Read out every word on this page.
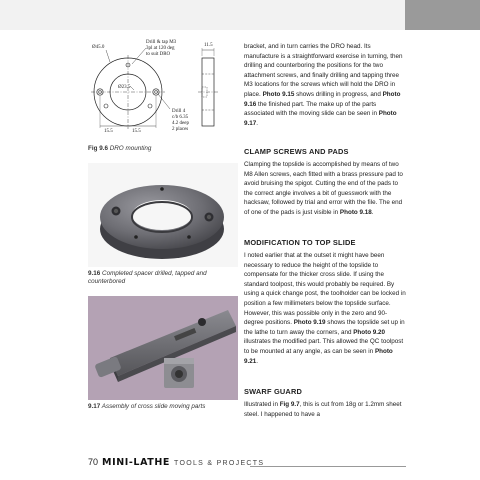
Ø45.0
Ø23.5
Drill & tap M3
3pl at 120 deg
to suit DRO
11.5
Drill 4
c/b 6.35
4.2 deep
2 places
15.5	15.5
Fig 9.6 DRO mounting
9.16 Completed spacer drilled, tapped and counterbored
9.17 Assembly of cross slide moving parts

bracket, and in turn carries the DRO head. Its manufacture is a straightforward exercise in turning, then drilling and counterboring the positions for the two attachment screws, and finally drilling and tapping three M3 locations for the screws which will hold the DRO in place. Photo 9.15 shows drilling in progress, and Photo 9.16 the finished part. The make up of the parts associated with the moving slide can be seen in Photo 9.17.

CLAMP SCREWS AND PADS

Clamping the topslide is accomplished by means of two M8 Allen screws, each fitted with a brass pressure pad to avoid bruising the spigot. Cutting the end of the pads to the correct angle involves a bit of guesswork with the hacksaw, followed by trial and error with the file. The end of one of the pads is just visible in Photo 9.18.

MODIFICATION TO TOP SLIDE

I noted earlier that at the outset it might have been necessary to reduce the height of the topslide to compensate for the thicker cross slide. If using the standard toolpost, this would probably be required. By using a quick change post, the toolholder can be locked in position a few millimeters below the topslide surface. However, this was possible only in the zero and 90-degree positions. Photo 9.19 shows the topslide set up in the lathe to turn away the corners, and Photo 9.20 illustrates the modified part. This allowed the QC toolpost to be mounted at any angle, as can be seen in Photo 9.21.

SWARF GUARD

Illustrated in Fig 9.7, this is cut from 18g or 1.2mm sheet steel. I happened to have a

70 MINI-LATHE TOOLS & PROJECTS
